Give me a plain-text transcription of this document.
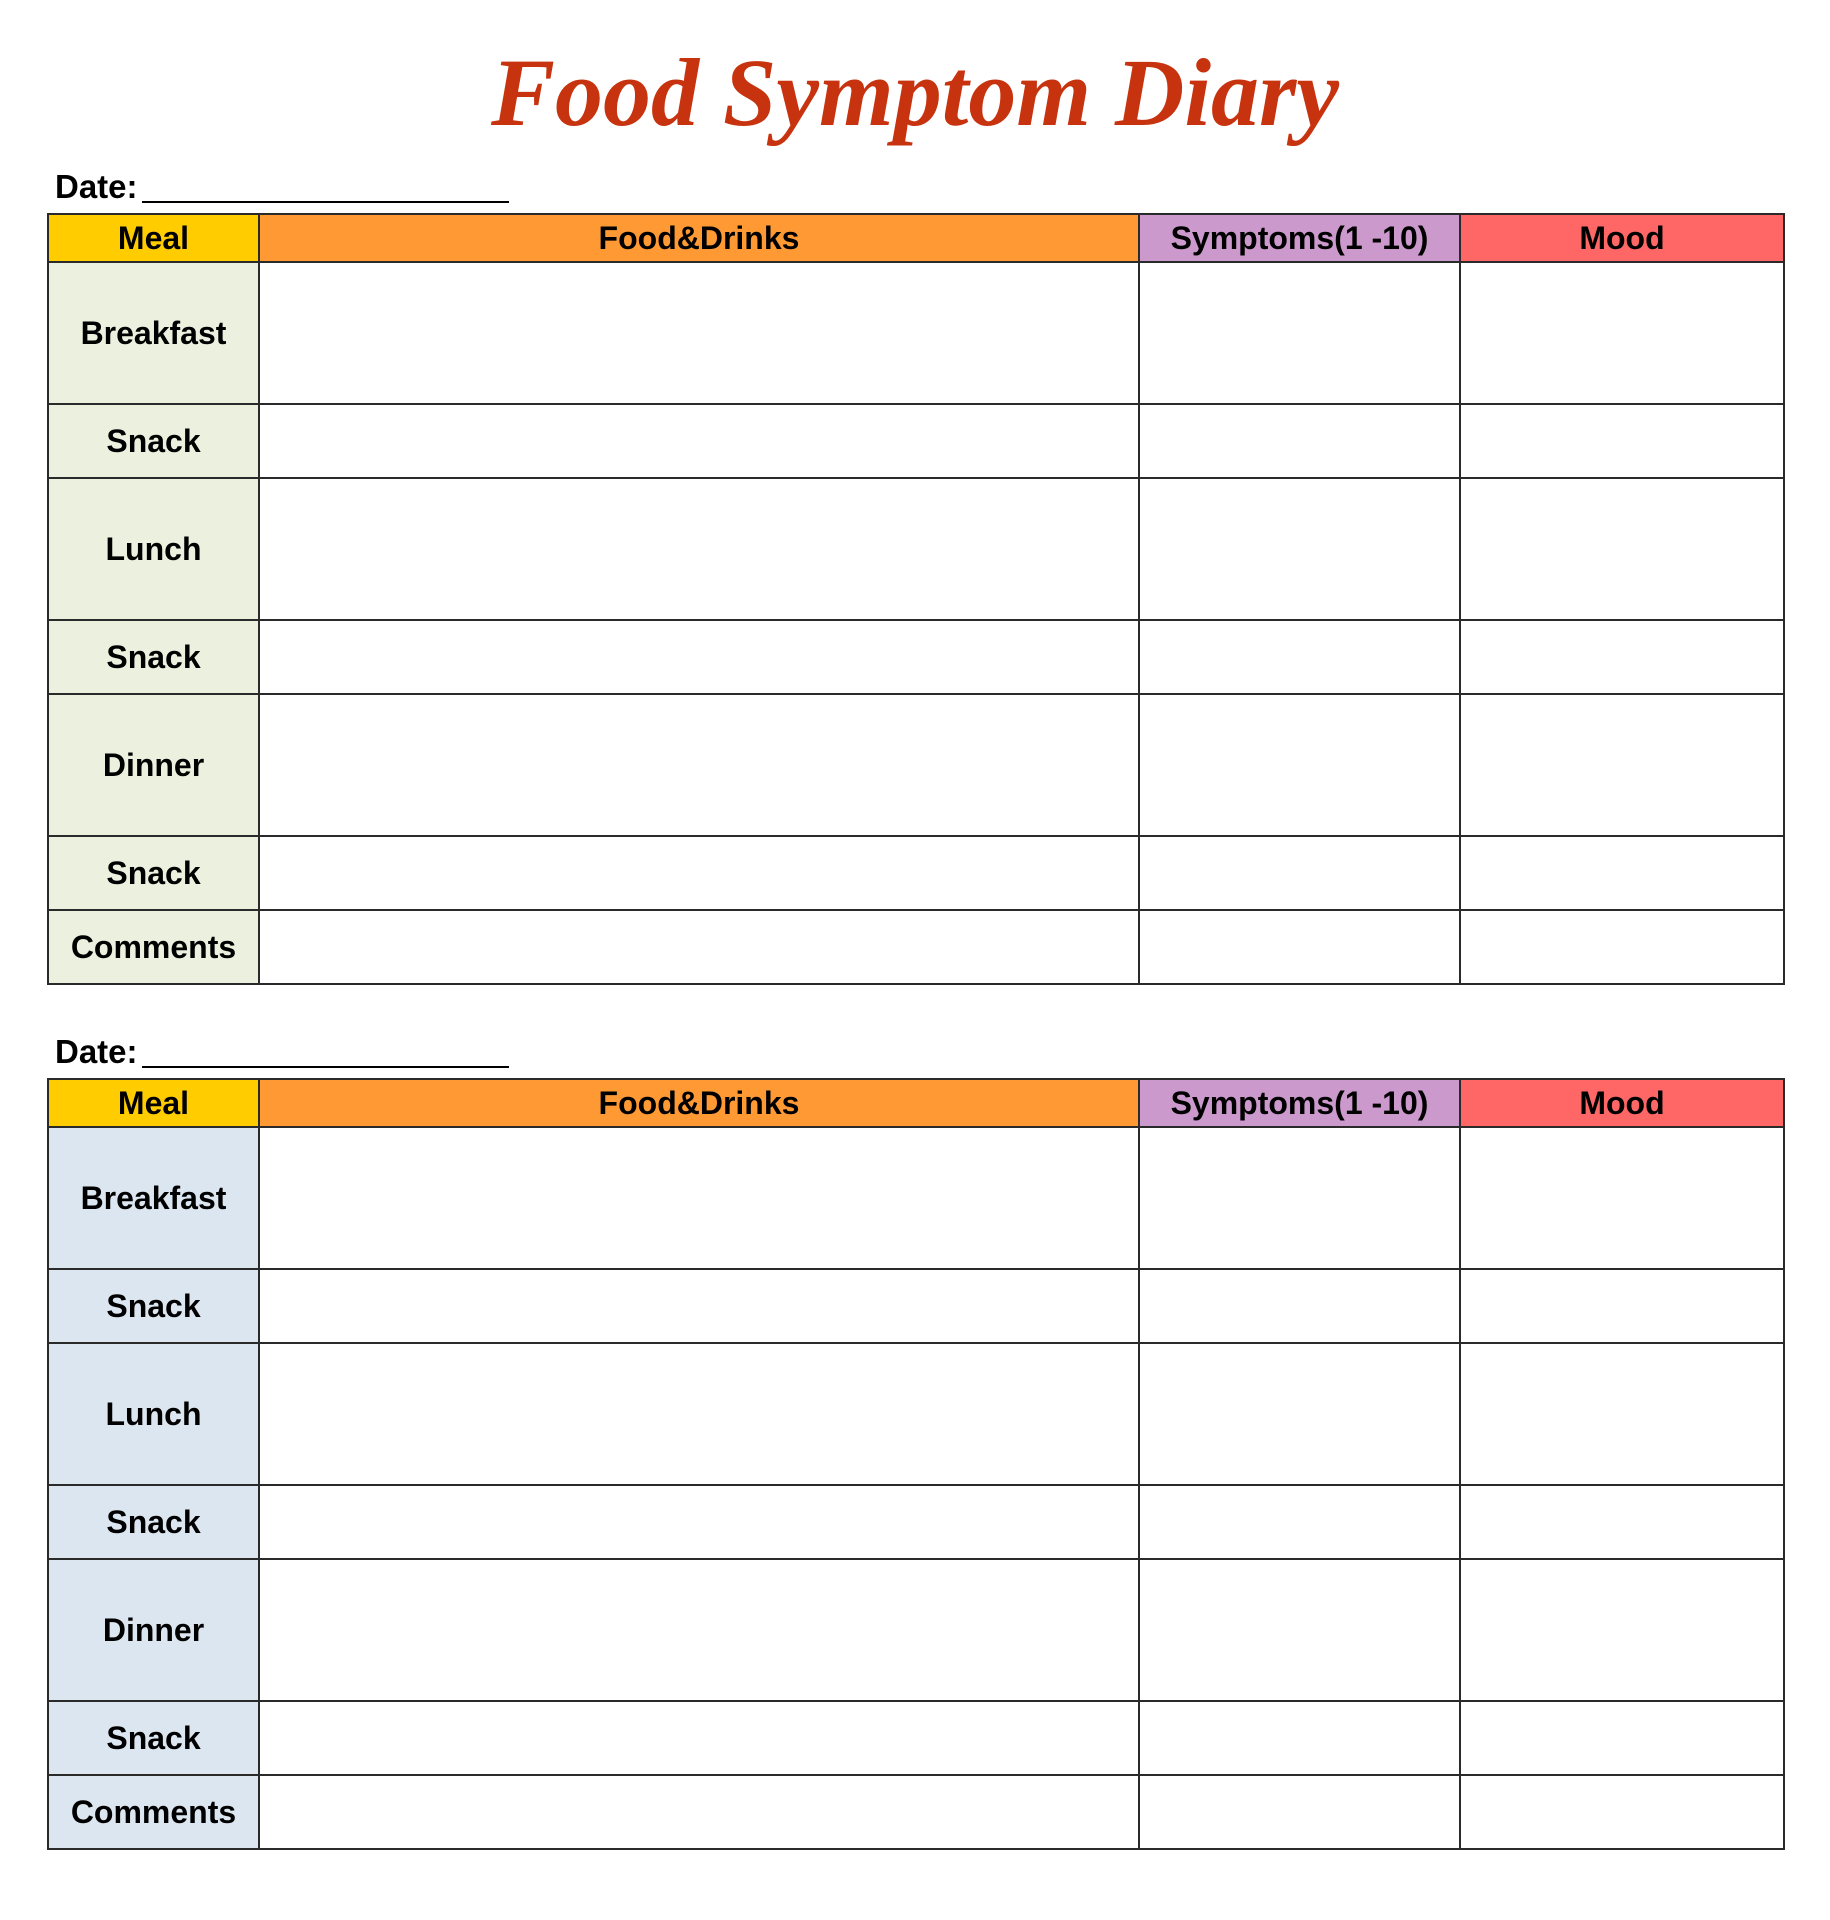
Food Symptom Diary
Date:
Meal	Food&Drinks	Symptoms(1 -10)	Mood
Breakfast			
Snack			
Lunch			
Snack			
Dinner			
Snack			
Comments			
Date:
Meal	Food&Drinks	Symptoms(1 -10)	Mood
Breakfast			
Snack			
Lunch			
Snack			
Dinner			
Snack			
Comments			
